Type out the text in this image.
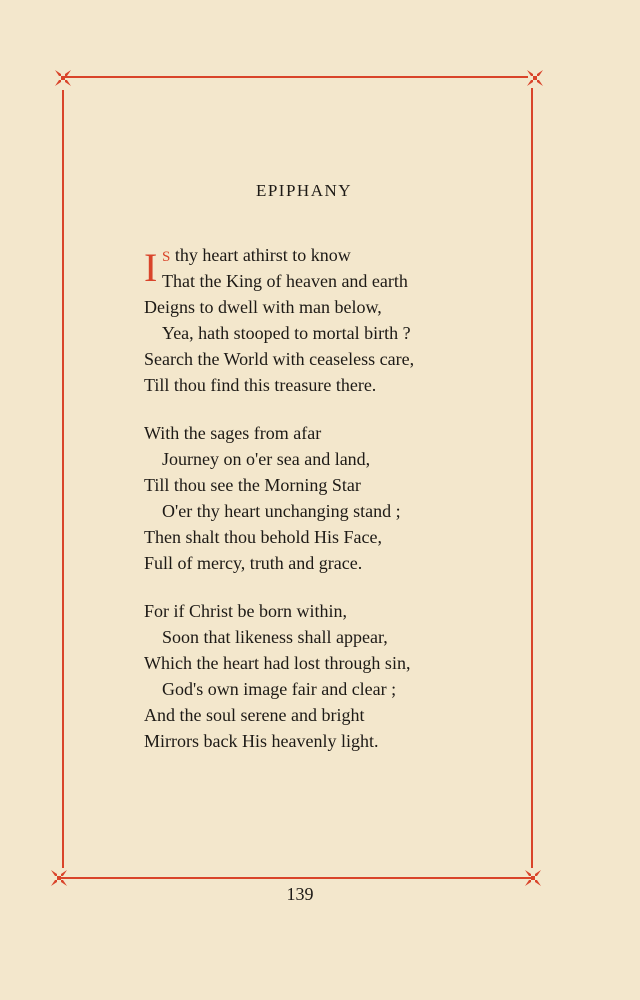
EPIPHANY
I S thy heart athirst to know
That the King of heaven and earth
Deigns to dwell with man below,
Yea, hath stooped to mortal birth ?
Search the World with ceaseless care,
Till thou find this treasure there.
With the sages from afar
Journey on o'er sea and land,
Till thou see the Morning Star
O'er thy heart unchanging stand ;
Then shalt thou behold His Face,
Full of mercy, truth and grace.
For if Christ be born within,
Soon that likeness shall appear,
Which the heart had lost through sin,
God's own image fair and clear ;
And the soul serene and bright
Mirrors back His heavenly light.
139
